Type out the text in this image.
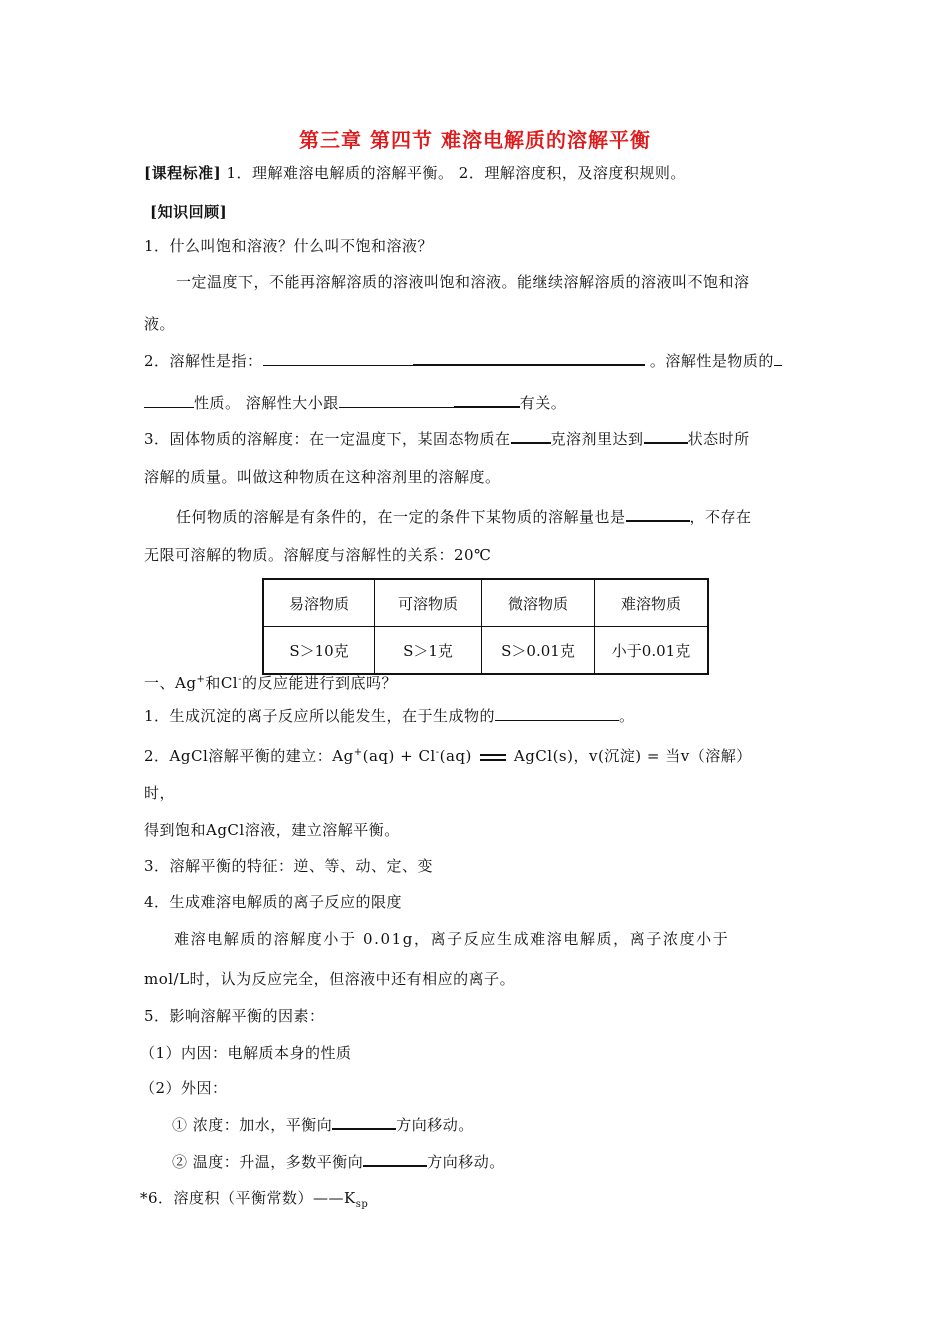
第三章 第四节 难溶电解质的溶解平衡
[课程标准] 1．理解难溶电解质的溶解平衡。 2．理解溶度积，及溶度积规则。
[知识回顾]
1．什么叫饱和溶液？什么叫不饱和溶液？
一定温度下，不能再溶解溶质的溶液叫饱和溶液。能继续溶解溶质的溶液叫不饱和溶
液。
2．溶解性是指：	。溶解性是物质的
性质。 溶解性大小跟	有关。
3．固体物质的溶解度：在一定温度下，某固态物质在	克溶剂里达到	状态时所
溶解的质量。叫做这种物质在这种溶剂里的溶解度。
任何物质的溶解是有条件的，在一定的条件下某物质的溶解量也是	，不存在
无限可溶解的物质。溶解度与溶解性的关系：20℃
易溶物质	可溶物质	微溶物质	难溶物质
S＞10克	S＞1克	S＞0.01克	小于0.01克
一、Ag+和Cl-的反应能进行到底吗？
1．生成沉淀的离子反应所以能发生，在于生成物的	。
2．AgCl溶解平衡的建立：Ag+(aq) + Cl-(aq)	AgCl(s)，v(沉淀) = 当v（溶解）
时，
得到饱和AgCl溶液，建立溶解平衡。
3．溶解平衡的特征：逆、等、动、定、变
4．生成难溶电解质的离子反应的限度
难溶电解质的溶解度小于 0.01g，离子反应生成难溶电解质，离子浓度小于
mol/L时，认为反应完全，但溶液中还有相应的离子。
5．影响溶解平衡的因素：
（1）内因：电解质本身的性质
（2）外因：
① 浓度：加水，平衡向	方向移动。
② 温度：升温，多数平衡向	方向移动。
*6．溶度积（平衡常数）$——K_{sp}$
